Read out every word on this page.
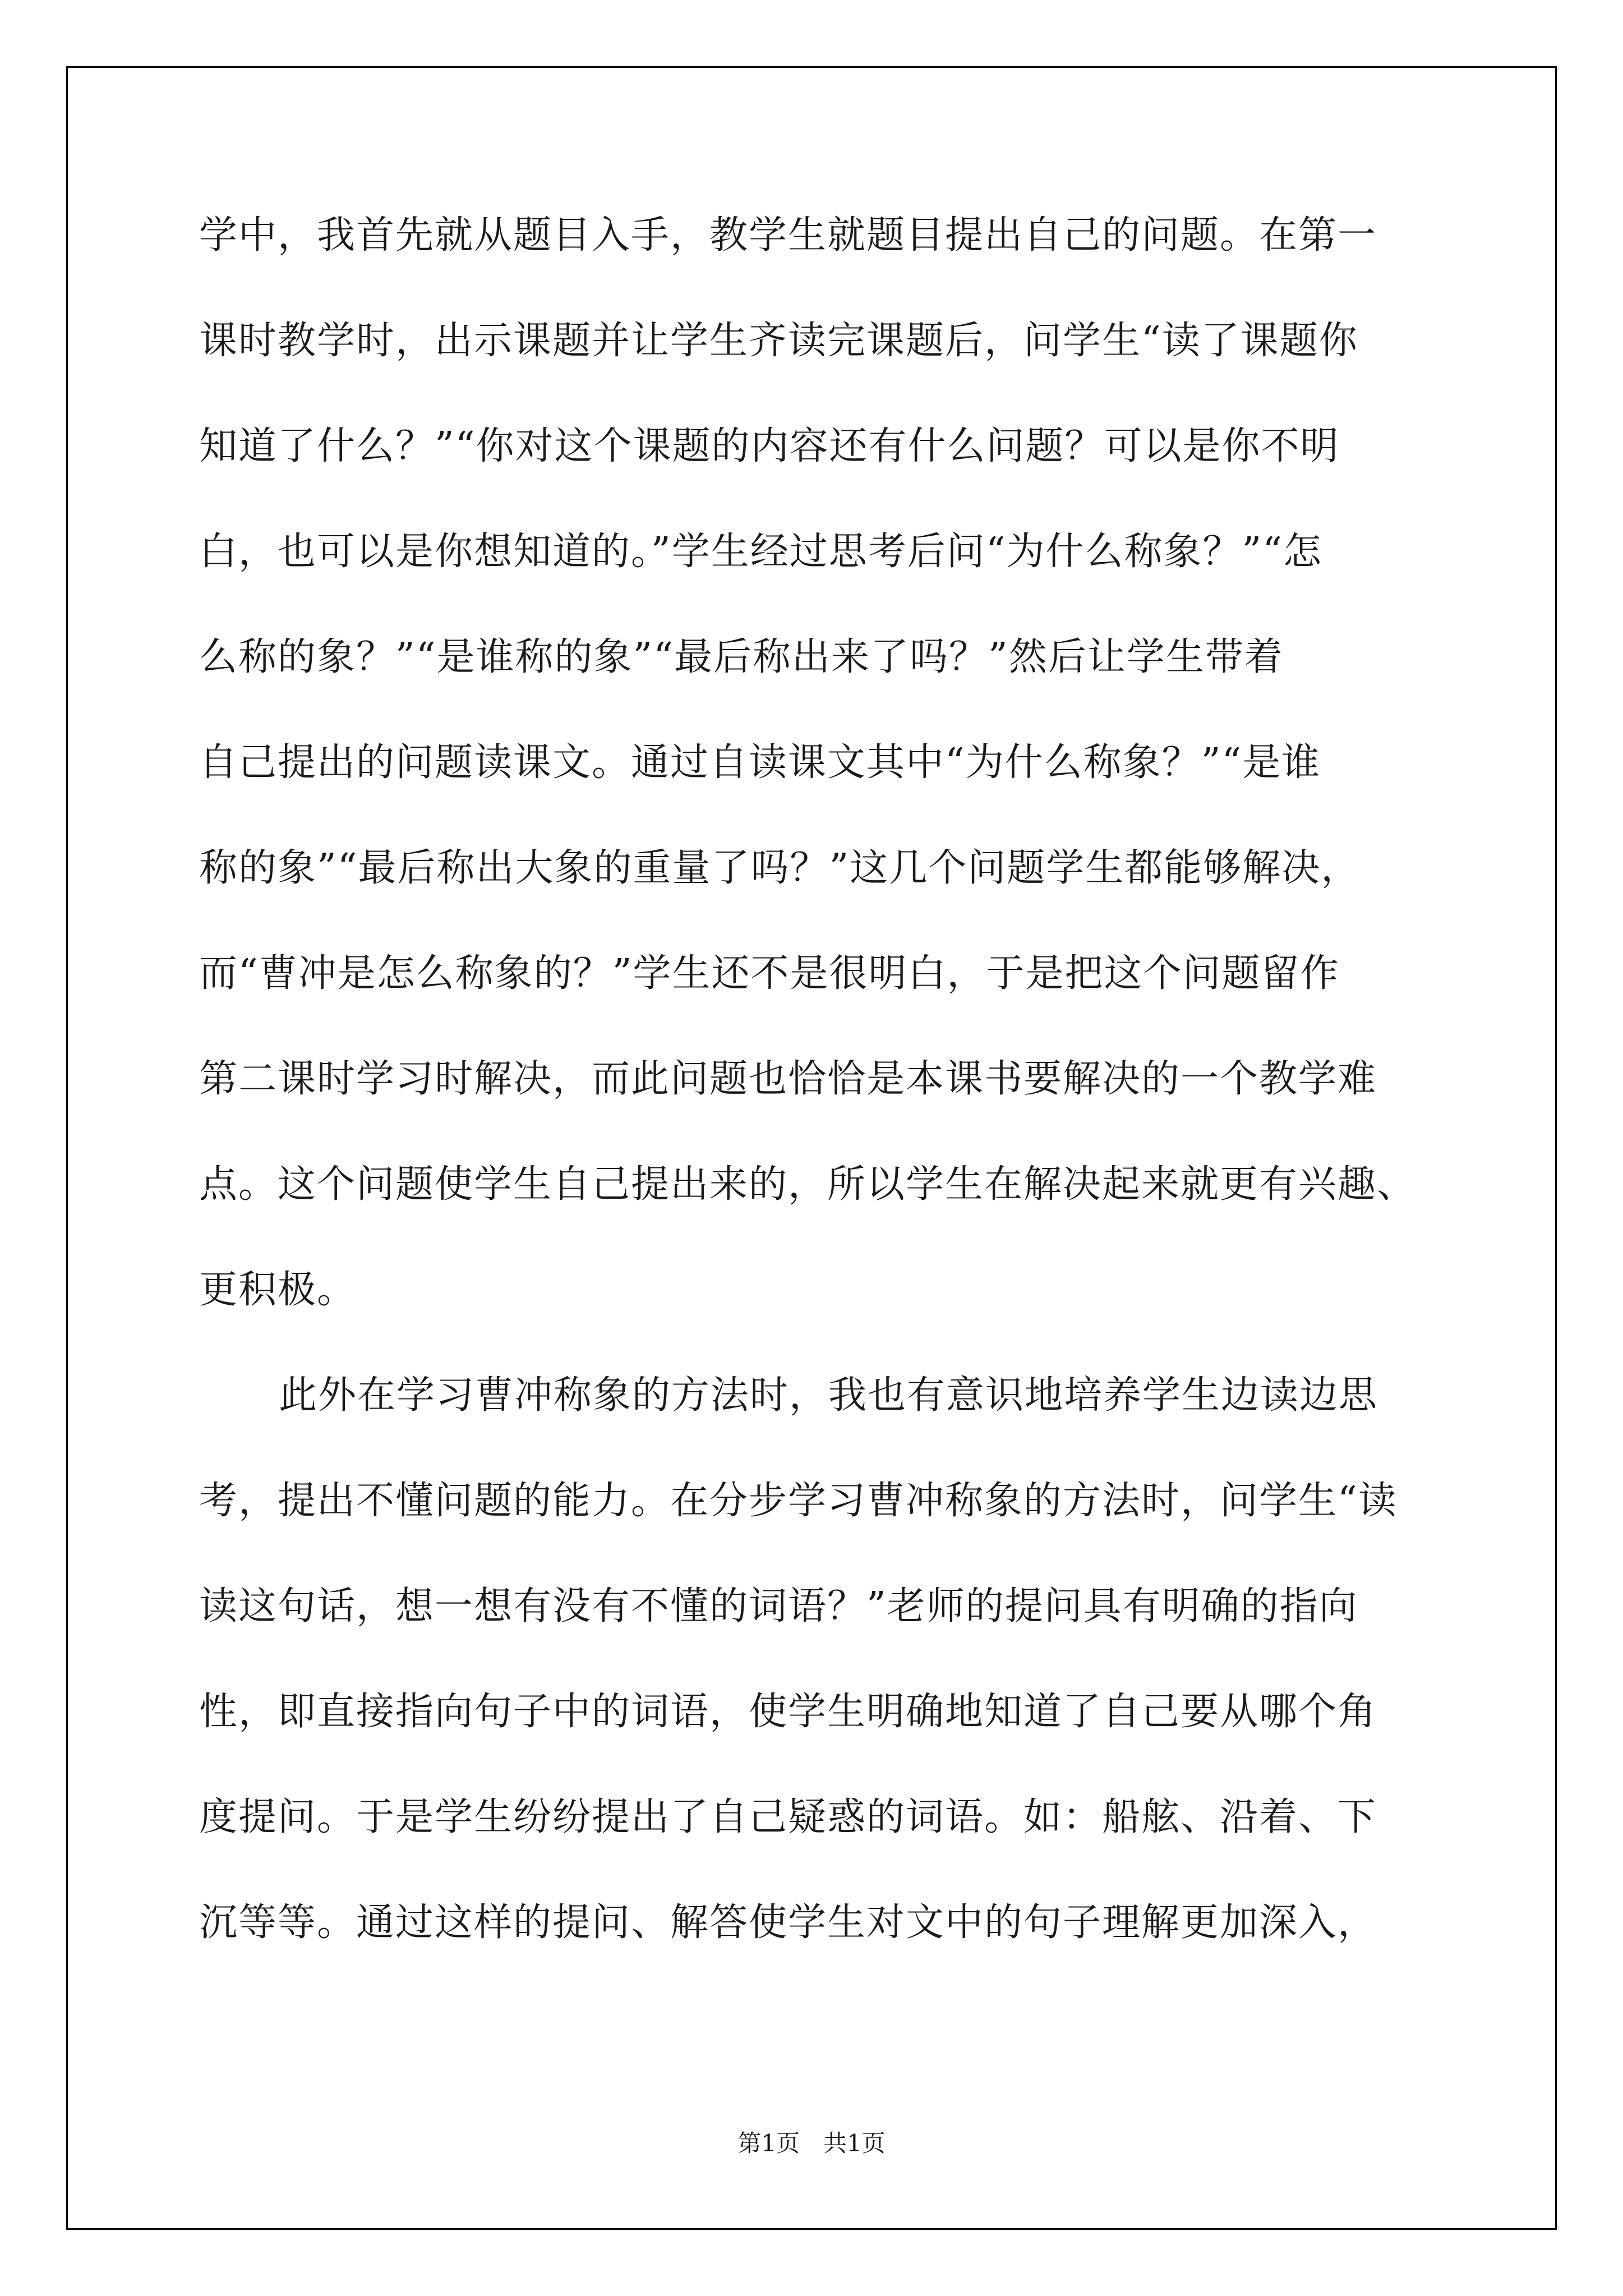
学中，我首先就从题目入手，教学生就题目提出自己的问题。在第一
课时教学时，出示课题并让学生齐读完课题后，问学生“读了课题你
知道了什么？”“你对这个课题的内容还有什么问题？可以是你不明
白，也可以是你想知道的。”学生经过思考后问“为什么称象？”“怎
么称的象？”“是谁称的象”“最后称出来了吗？”然后让学生带着
自己提出的问题读课文。通过自读课文其中“为什么称象？”“是谁
称的象”“最后称出大象的重量了吗？”这几个问题学生都能够解决，
而“曹冲是怎么称象的？”学生还不是很明白，于是把这个问题留作
第二课时学习时解决，而此问题也恰恰是本课书要解决的一个教学难
点。这个问题使学生自己提出来的，所以学生在解决起来就更有兴趣、
更积极。
此外在学习曹冲称象的方法时，我也有意识地培养学生边读边思
考，提出不懂问题的能力。在分步学习曹冲称象的方法时，问学生“读
读这句话，想一想有没有不懂的词语？”老师的提问具有明确的指向
性，即直接指向句子中的词语，使学生明确地知道了自己要从哪个角
度提问。于是学生纷纷提出了自己疑惑的词语。如：船舷、沿着、下
沉等等。通过这样的提问、解答使学生对文中的句子理解更加深入，
第1页　共1页
